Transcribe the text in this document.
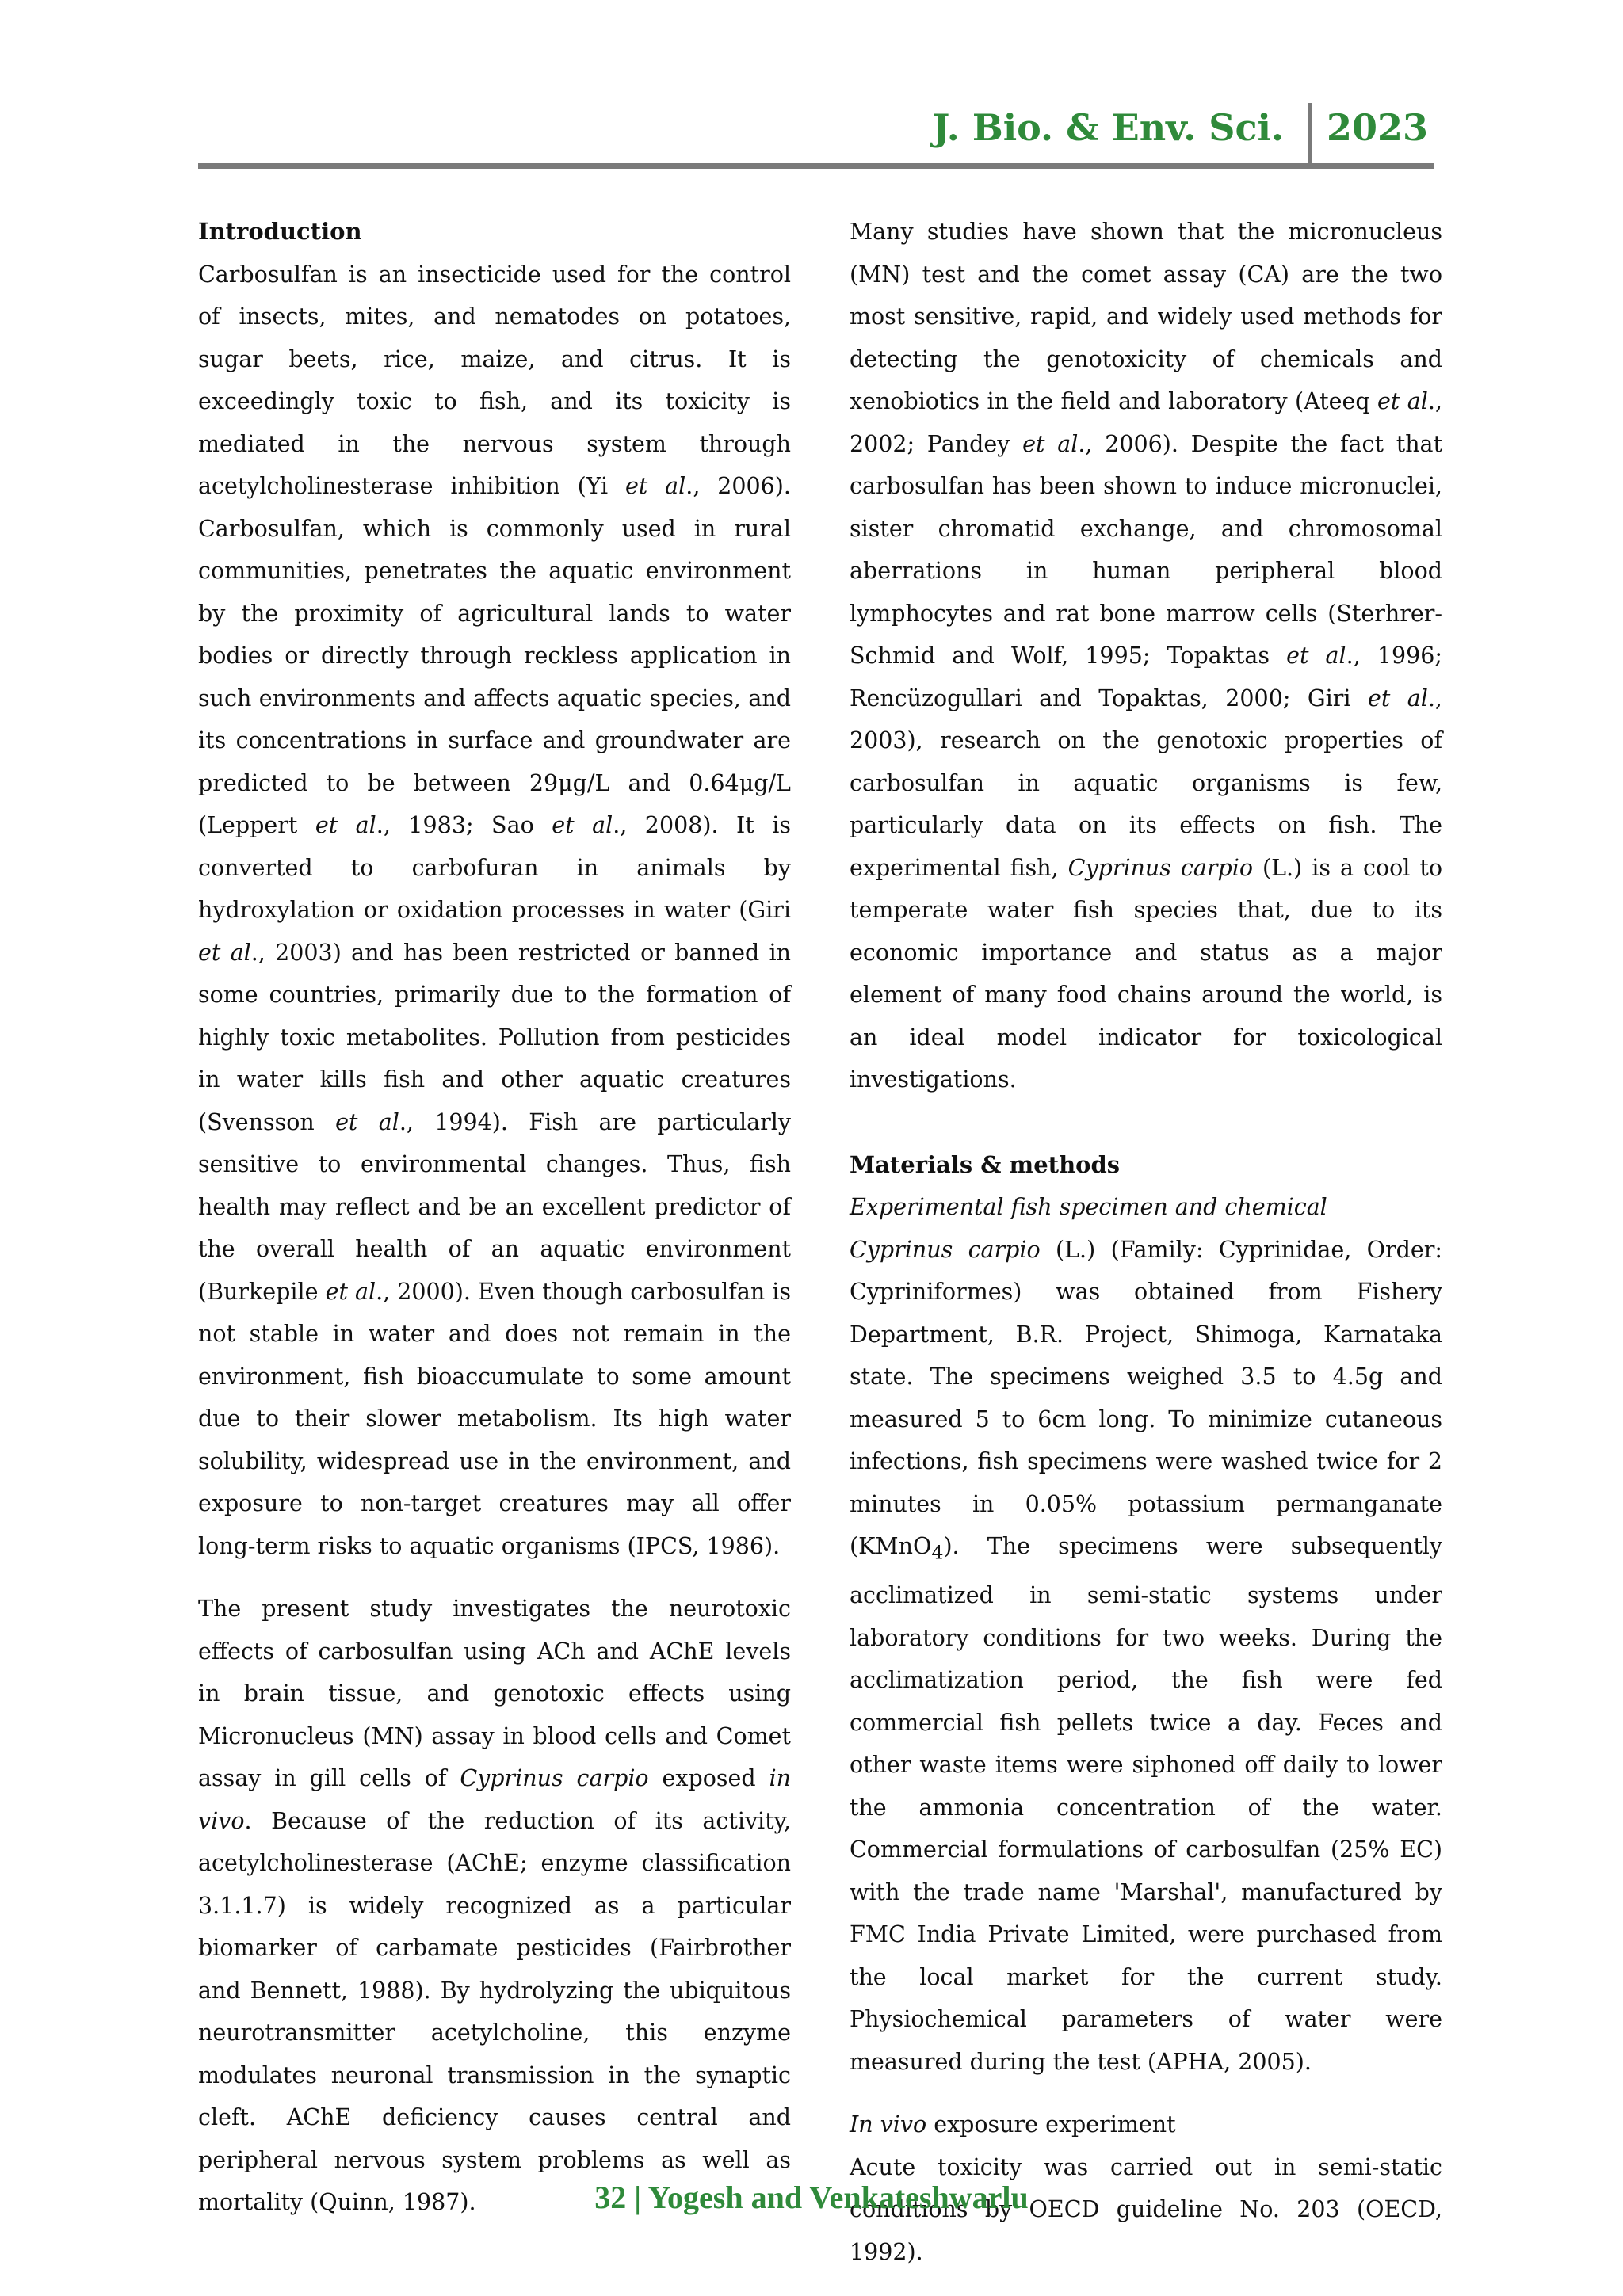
J. Bio. & Env. Sci. 2023
Introduction

Carbosulfan is an insecticide used for the control of insects, mites, and nematodes on potatoes, sugar beets, rice, maize, and citrus. It is exceedingly toxic to fish, and its toxicity is mediated in the nervous system through acetylcholinesterase inhibition (Yi et al., 2006). Carbosulfan, which is commonly used in rural communities, penetrates the aquatic environment by the proximity of agricultural lands to water bodies or directly through reckless application in such environments and affects aquatic species, and its concentrations in surface and groundwater are predicted to be between 29μg/L and 0.64μg/L (Leppert et al., 1983; Sao et al., 2008). It is converted to carbofuran in animals by hydroxylation or oxidation processes in water (Giri et al., 2003) and has been restricted or banned in some countries, primarily due to the formation of highly toxic metabolites. Pollution from pesticides in water kills fish and other aquatic creatures (Svensson et al., 1994). Fish are particularly sensitive to environmental changes. Thus, fish health may reflect and be an excellent predictor of the overall health of an aquatic environment (Burkepile et al., 2000). Even though carbosulfan is not stable in water and does not remain in the environment, fish bioaccumulate to some amount due to their slower metabolism. Its high water solubility, widespread use in the environment, and exposure to non-target creatures may all offer long-term risks to aquatic organisms (IPCS, 1986).

The present study investigates the neurotoxic effects of carbosulfan using ACh and AChE levels in brain tissue, and genotoxic effects using Micronucleus (MN) assay in blood cells and Comet assay in gill cells of Cyprinus carpio exposed in vivo. Because of the reduction of its activity, acetylcholinesterase (AChE; enzyme classification 3.1.1.7) is widely recognized as a particular biomarker of carbamate pesticides (Fairbrother and Bennett, 1988). By hydrolyzing the ubiquitous neurotransmitter acetylcholine, this enzyme modulates neuronal transmission in the synaptic cleft. AChE deficiency causes central and peripheral nervous system problems as well as mortality (Quinn, 1987).

Many studies have shown that the micronucleus (MN) test and the comet assay (CA) are the two most sensitive, rapid, and widely used methods for detecting the genotoxicity of chemicals and xenobiotics in the field and laboratory (Ateeq et al., 2002; Pandey et al., 2006). Despite the fact that carbosulfan has been shown to induce micronuclei, sister chromatid exchange, and chromosomal aberrations in human peripheral blood lymphocytes and rat bone marrow cells (Sterhrer-Schmid and Wolf, 1995; Topaktas et al., 1996; Rencüzogullari and Topaktas, 2000; Giri et al., 2003), research on the genotoxic properties of carbosulfan in aquatic organisms is few, particularly data on its effects on fish. The experimental fish, Cyprinus carpio (L.) is a cool to temperate water fish species that, due to its economic importance and status as a major element of many food chains around the world, is an ideal model indicator for toxicological investigations.

Materials & methods

Experimental fish specimen and chemical

Cyprinus carpio (L.) (Family: Cyprinidae, Order: Cypriniformes) was obtained from Fishery Department, B.R. Project, Shimoga, Karnataka state. The specimens weighed 3.5 to 4.5g and measured 5 to 6cm long. To minimize cutaneous infections, fish specimens were washed twice for 2 minutes in 0.05% potassium permanganate (KMnO$_4$). The specimens were subsequently acclimatized in semi-static systems under laboratory conditions for two weeks. During the acclimatization period, the fish were fed commercial fish pellets twice a day. Feces and other waste items were siphoned off daily to lower the ammonia concentration of the water. Commercial formulations of carbosulfan (25% EC) with the trade name 'Marshal', manufactured by FMC India Private Limited, were purchased from the local market for the current study. Physiochemical parameters of water were measured during the test (APHA, 2005).

In vivo exposure experiment

Acute toxicity was carried out in semi-static conditions by OECD guideline No. 203 (OECD, 1992).

32 | Yogesh and Venkateshwarlu
